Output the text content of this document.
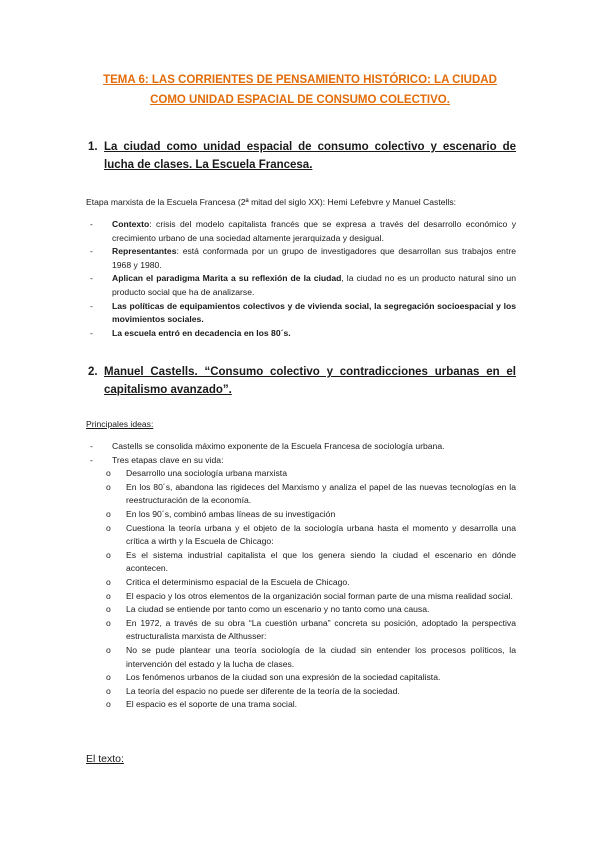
TEMA 6: LAS CORRIENTES DE PENSAMIENTO HISTÓRICO: LA CIUDAD
COMO UNIDAD ESPACIAL DE CONSUMO COLECTIVO.
1. La ciudad como unidad espacial de consumo colectivo y escenario de lucha de clases. La Escuela Francesa.
Etapa marxista de la Escuela Francesa (2ª mitad del siglo XX): Hemi Lefebvre y Manuel Castells:
- Contexto: crisis del modelo capitalista francés que se expresa a través del desarrollo económico y crecimiento urbano de una sociedad altamente jerarquizada y desigual.
- Representantes: está conformada por un grupo de investigadores que desarrollan sus trabajos entre 1968 y 1980.
- Aplican el paradigma Marita a su reflexión de la ciudad, la ciudad no es un producto natural sino un producto social que ha de analizarse.
- Las políticas de equipamientos colectivos y de vivienda social, la segregación socioespacial y los movimientos sociales.
- La escuela entró en decadencia en los 80´s.
2. Manuel Castells. “Consumo colectivo y contradicciones urbanas en el capitalismo avanzado”.
Principales ideas:
- Castells se consolida máximo exponente de la Escuela Francesa de sociología urbana.
- Tres etapas clave en su vida:
o Desarrollo una sociología urbana marxista
o En los 80´s, abandona las rigideces del Marxismo y analiza el papel de las nuevas tecnologías en la reestructuración de la economía.
o En los 90´s, combinó ambas líneas de su investigación
o Cuestiona la teoría urbana y el objeto de la sociología urbana hasta el momento y desarrolla una crítica a wirth y la Escuela de Chicago:
o Es el sistema industrial capitalista el que los genera siendo la ciudad el escenario en dónde acontecen.
o Critica el determinismo espacial de la Escuela de Chicago.
o El espacio y los otros elementos de la organización social forman parte de una misma realidad social.
o La ciudad se entiende por tanto como un escenario y no tanto como una causa.
o En 1972, a través de su obra “La cuestión urbana” concreta su posición, adoptado la perspectiva estructuralista marxista de Althusser:
o No se pude plantear una teoría sociología de la ciudad sin entender los procesos políticos, la intervención del estado y la lucha de clases.
o Los fenómenos urbanos de la ciudad son una expresión de la sociedad capitalista.
o La teoría del espacio no puede ser diferente de la teoría de la sociedad.
o El espacio es el soporte de una trama social.
El texto:
